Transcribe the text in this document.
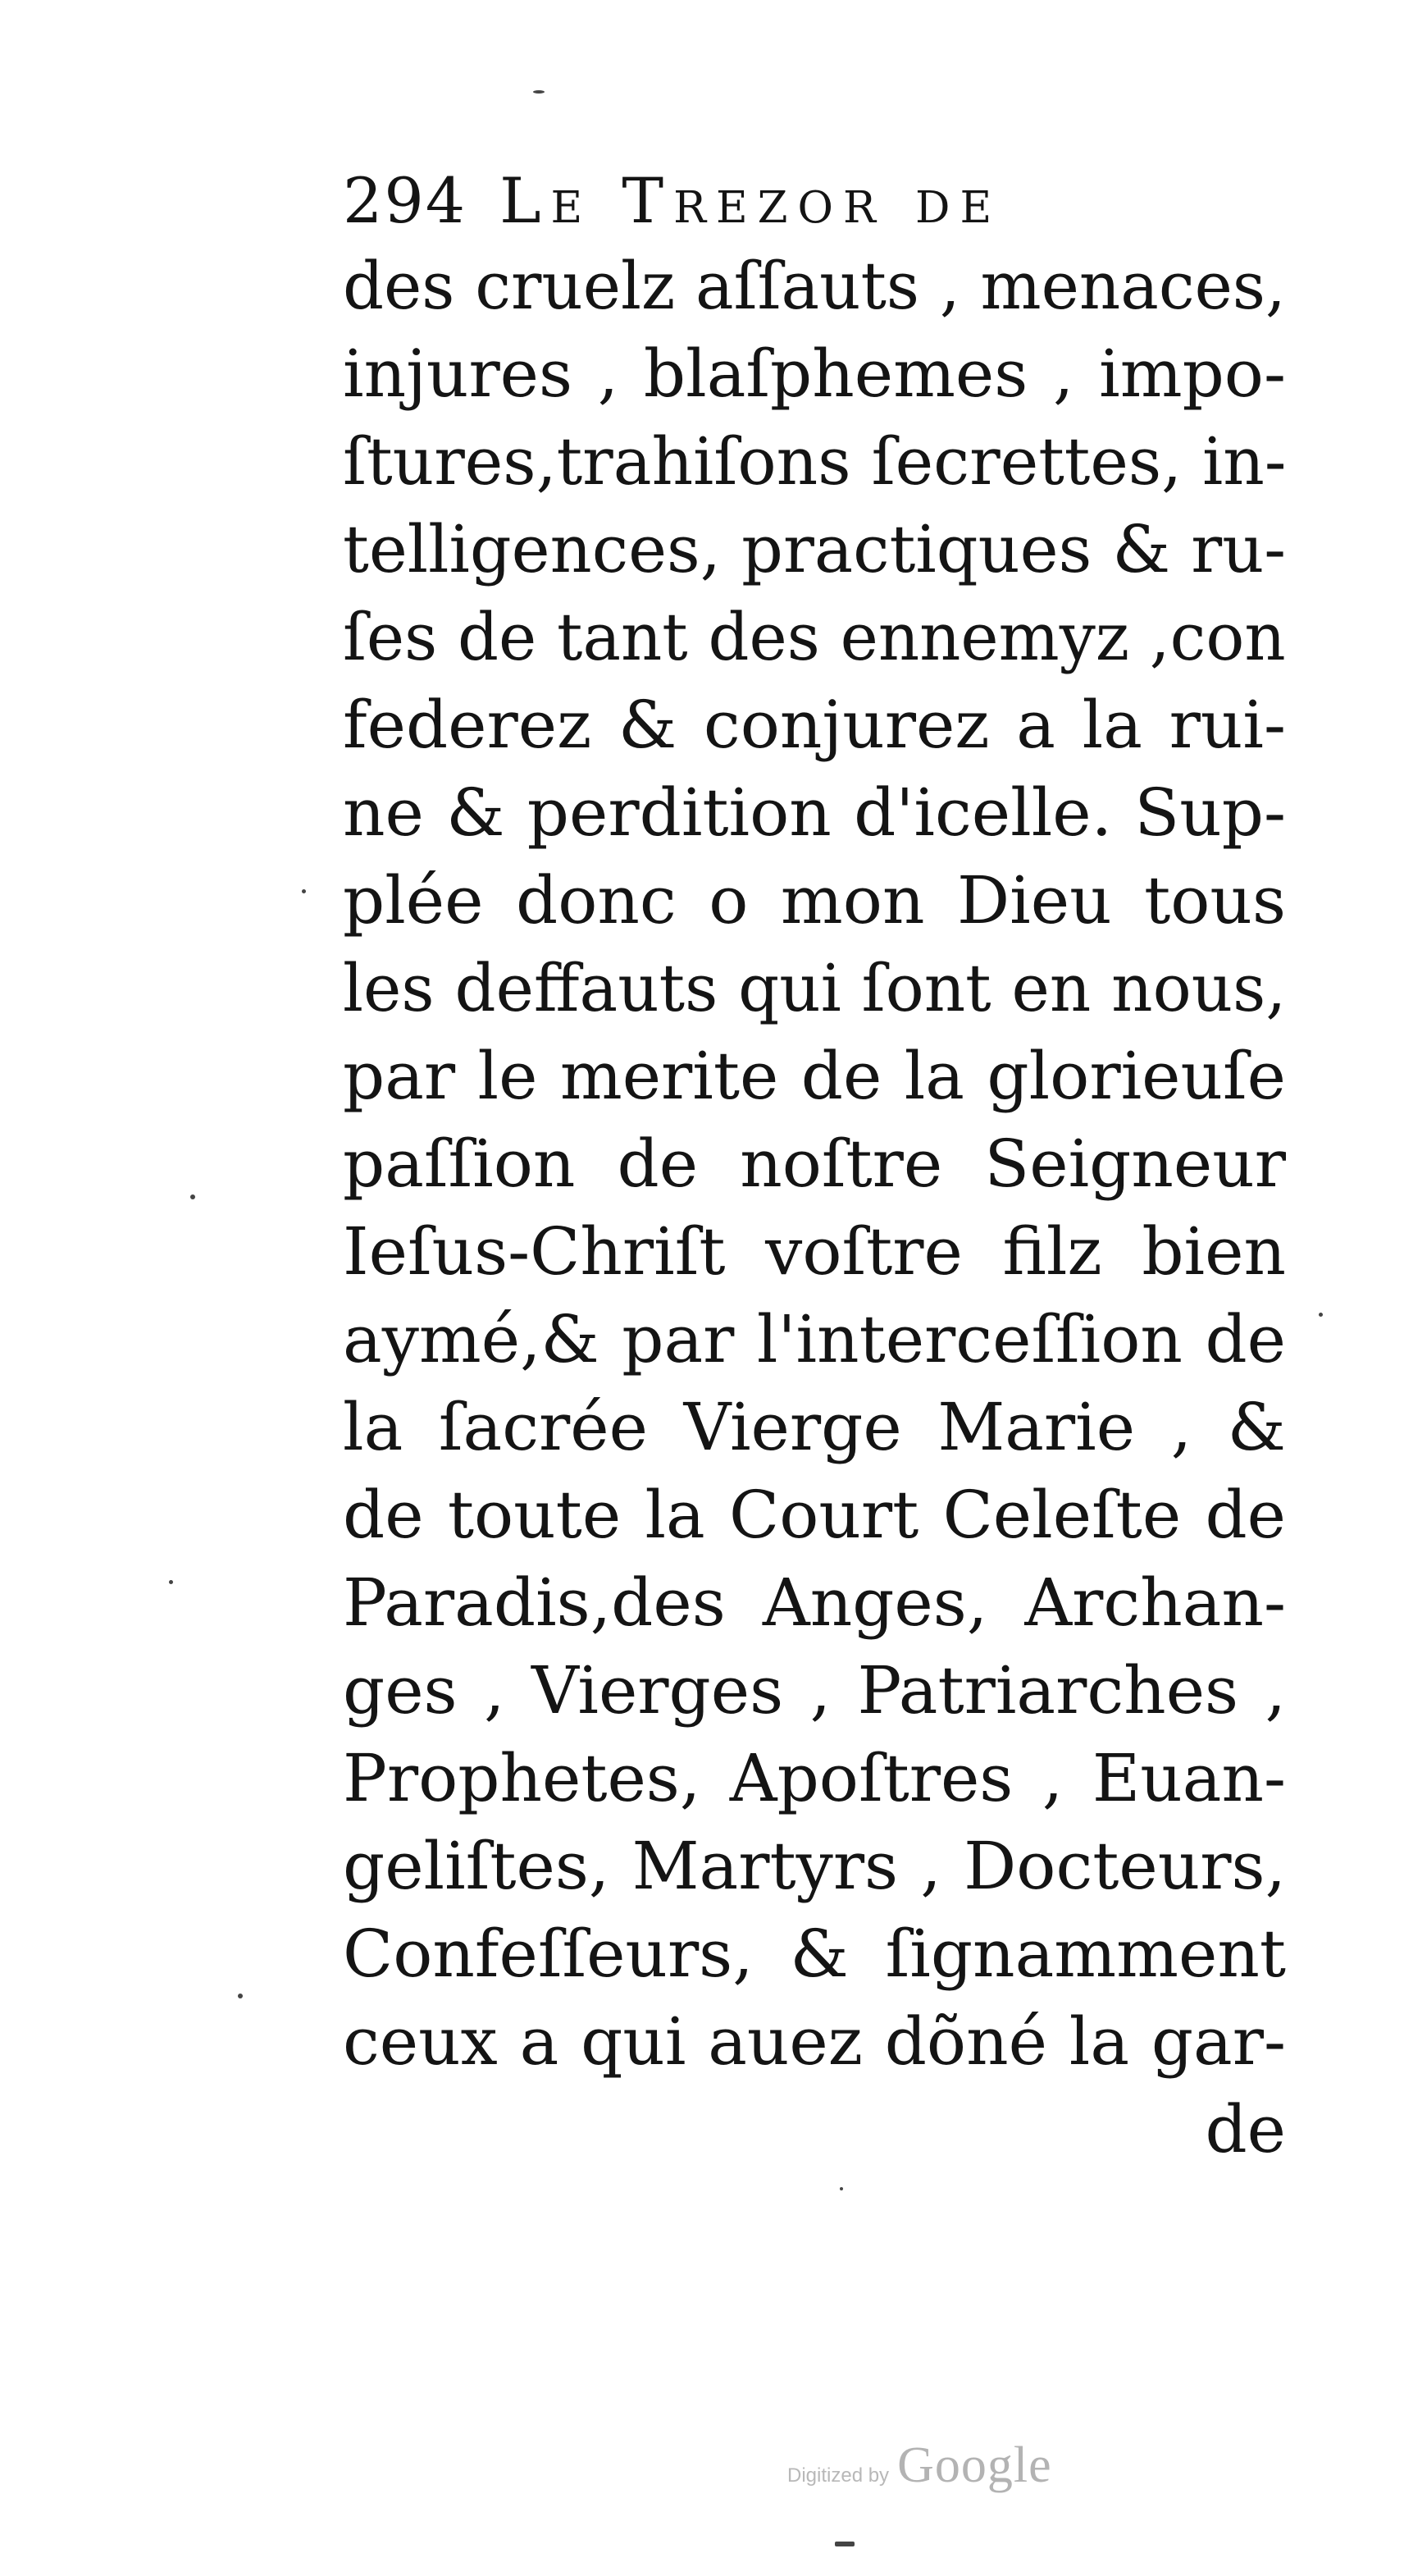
294 Le Trezor de
des cruelz aſſauts , menaces,
injures , blaſphemes , impo-
ſtures,trahiſons ſecrettes, in-
telligences, practiques & ru-
ſes de tant des ennemyz ,con
federez & conjurez a la rui-
ne & perdition d'icelle. Sup-
plée donc o mon Dieu tous
les deffauts qui ſont en nous,
par le merite de la glorieuſe
paſſion de noſtre Seigneur
Ieſus-Chriſt voſtre filz bien
aymé,& par l'interceſſion de
la ſacrée Vierge Marie , &
de toute la Court Celeſte de
Paradis,des Anges, Archan-
ges , Vierges , Patriarches ,
Prophetes, Apoſtres , Euan-
geliſtes, Martyrs , Docteurs,
Confeſſeurs, & ſignamment
ceux a qui auez dõné la gar-
de
Digitized by Google
